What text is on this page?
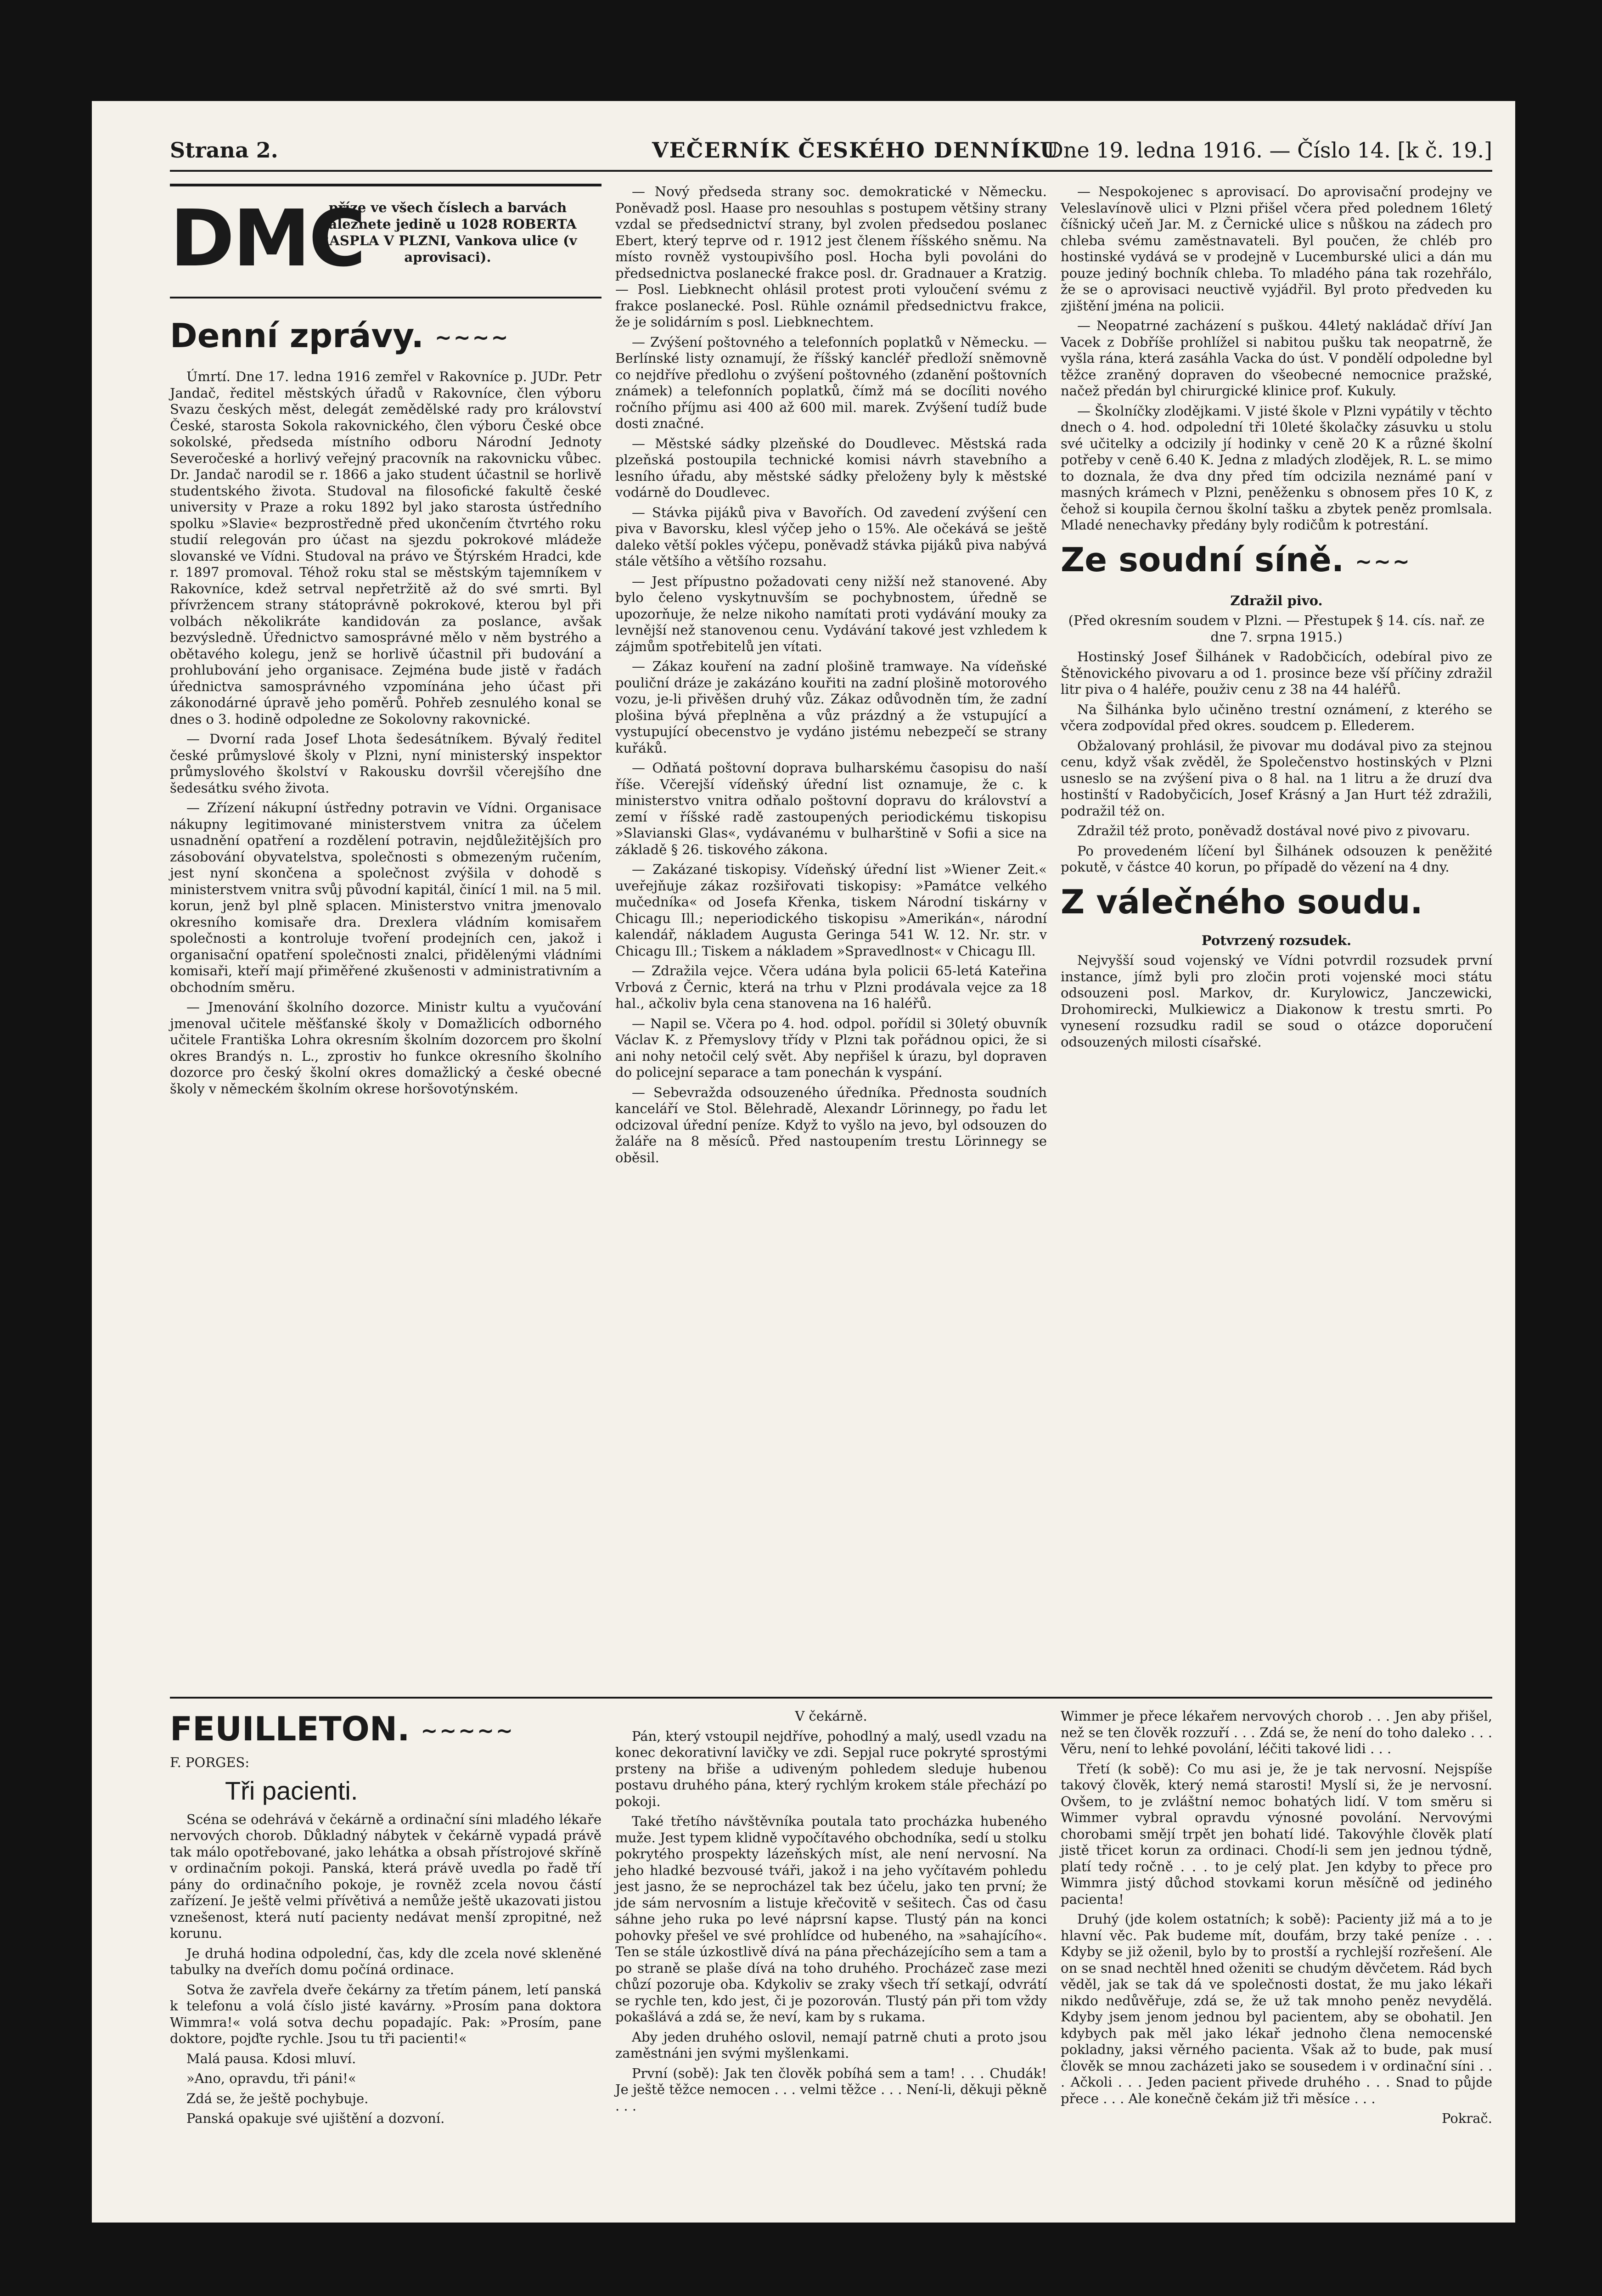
Strana 2.	VEČERNÍK ČESKÉHO DENNÍKU
Dne 19. ledna 1916. — Číslo 14. [k č. 19.]
DMC
příze ve všech číslech a barvách naleznete jedině u 1028 ROBERTA RASPLA V PLZNI, Vankova ulice (v aprovisaci).
Denní zprávy. ~~~~

Úmrtí. Dne 17. ledna 1916 zemřel v Rakovníce p. JUDr. Petr Jandač, ředitel městských úřadů v Rakovníce, člen výboru Svazu českých měst, delegát zemědělské rady pro království České, starosta Sokola rakovnického, člen výboru České obce sokolské, předseda místního odboru Národní Jednoty Severočeské a horlivý veřejný pracovník na rakovnicku vůbec. Dr. Jandač narodil se r. 1866 a jako student účastnil se horlivě studentského života. Studoval na filosofické fakultě české university v Praze a roku 1892 byl jako starosta ústředního spolku »Slavie« bezprostředně před ukončením čtvrtého roku studií relegován pro účast na sjezdu pokrokové mládeže slovanské ve Vídni. Studoval na právo ve Štýrském Hradci, kde r. 1897 promoval. Téhož roku stal se městským tajemníkem v Rakovníce, kdež setrval nepřetržitě až do své smrti. Byl přívržencem strany státoprávně pokrokové, kterou byl při volbách několikráte kandidován za poslance, avšak bezvýsledně. Úřednictvo samosprávné mělo v něm bystrého a obětavého kolegu, jenž se horlivě účastnil při budování a prohlubování jeho organisace. Zejména bude jistě v řadách úřednictva samosprávného vzpomínána jeho účast při zákonodárné úpravě jeho poměrů. Pohřeb zesnulého konal se dnes o 3. hodině odpoledne ze Sokolovny rakovnické.

— Dvorní rada Josef Lhota šedesátníkem. Bývalý ředitel české průmyslové školy v Plzni, nyní ministerský inspektor průmyslového školství v Rakousku dovršil včerejšího dne šedesátku svého života.

— Zřízení nákupní ústředny potravin ve Vídni. Organisace nákupny legitimované ministerstvem vnitra za účelem usnadnění opatření a rozdělení potravin, nejdůležitějších pro zásobování obyvatelstva, společnosti s obmezeným ručením, jest nyní skončena a společnost zvýšila v dohodě s ministerstvem vnitra svůj původní kapitál, činící 1 mil. na 5 mil. korun, jenž byl plně splacen. Ministerstvo vnitra jmenovalo okresního komisaře dra. Drexlera vládním komisařem společnosti a kontroluje tvoření prodejních cen, jakož i organisační opatření společnosti znalci, přidělenými vládními komisaři, kteří mají přiměřené zkušenosti v administrativním a obchodním směru.

— Jmenování školního dozorce. Ministr kultu a vyučování jmenoval učitele měšťanské školy v Domažlicích odborného učitele Františka Lohra okresním školním dozorcem pro školní okres Brandýs n. L., zprostiv ho funkce okresního školního dozorce pro český školní okres domažlický a české obecné školy v německém školním okrese horšovotýnském.

— Nový předseda strany soc. demokratické v Německu. Poněvadž posl. Haase pro nesouhlas s postupem většiny strany vzdal se předsednictví strany, byl zvolen předsedou poslanec Ebert, který teprve od r. 1912 jest členem říšského sněmu. Na místo rovněž vystoupivšího posl. Hocha byli povoláni do předsednictva poslanecké frakce posl. dr. Gradnauer a Kratzig. — Posl. Liebknecht ohlásil protest proti vyloučení svému z frakce poslanecké. Posl. Rühle oznámil předsednictvu frakce, že je solidárním s posl. Liebknechtem.

— Zvýšení poštovného a telefonních poplatků v Německu. — Berlínské listy oznamují, že říšský kancléř předloží sněmovně co nejdříve předlohu o zvýšení poštovného (zdanění poštovních známek) a telefonních poplatků, čímž má se docíliti nového ročního příjmu asi 400 až 600 mil. marek. Zvýšení tudíž bude dosti značné.

— Městské sádky plzeňské do Doudlevec. Městská rada plzeňská postoupila technické komisi návrh stavebního a lesního úřadu, aby městské sádky přeloženy byly k městské vodárně do Doudlevec.

— Stávka pijáků piva v Bavořích. Od zavedení zvýšení cen piva v Bavorsku, klesl výčep jeho o 15%. Ale očekává se ještě daleko větší pokles výčepu, poněvadž stávka pijáků piva nabývá stále většího a většího rozsahu.

— Jest přípustno požadovati ceny nižší než stanovené. Aby bylo čeleno vyskytnuvším se pochybnostem, úředně se upozorňuje, že nelze nikoho namítati proti vydávání mouky za levnější než stanovenou cenu. Vydávání takové jest vzhledem k zájmům spotřebitelů jen vítati.

— Zákaz kouření na zadní plošině tramwaye. Na vídeňské pouliční dráze je zakázáno kouřiti na zadní plošině motorového vozu, je-li přivěšen druhý vůz. Zákaz odůvodněn tím, že zadní plošina bývá přeplněna a vůz prázdný a že vstupující a vystupující obecenstvo je vydáno jistému nebezpečí se strany kuřáků.

— Odňatá poštovní doprava bulharskému časopisu do naší říše. Včerejší vídeňský úřední list oznamuje, že c. k ministerstvo vnitra odňalo poštovní dopravu do království a zemí v říšské radě zastoupených periodickému tiskopisu »Slavianski Glas«, vydávanému v bulharštině v Sofii a sice na základě § 26. tiskového zákona.

— Zakázané tiskopisy. Vídeňský úřední list »Wiener Zeit.« uveřejňuje zákaz rozšiřovati tiskopisy: »Památce velkého mučedníka« od Josefa Křenka, tiskem Národní tiskárny v Chicagu Ill.; neperiodického tiskopisu »Amerikán«, národní kalendář, nákladem Augusta Geringa 541 W. 12. Nr. str. v Chicagu Ill.; Tiskem a nákladem »Spravedlnost« v Chicagu Ill.

— Zdražila vejce. Včera udána byla policii 65-letá Kateřina Vrbová z Černic, která na trhu v Plzni prodávala vejce za 18 hal., ačkoliv byla cena stanovena na 16 haléřů.

— Napil se. Včera po 4. hod. odpol. pořídil si 30letý obuvník Václav K. z Přemyslovy třídy v Plzni tak pořádnou opici, že si ani nohy netočil celý svět. Aby nepřišel k úrazu, byl dopraven do policejní separace a tam ponechán k vyspání.

— Sebevražda odsouzeného úředníka. Přednosta soudních kanceláří ve Stol. Bělehradě, Alexandr Lörinnegy, po řadu let odcizoval úřední peníze. Když to vyšlo na jevo, byl odsouzen do žaláře na 8 měsíců. Před nastoupením trestu Lörinnegy se oběsil.

— Nespokojenec s aprovisací. Do aprovisační prodejny ve Veleslavínově ulici v Plzni přišel včera před polednem 16letý číšnický učeň Jar. M. z Černické ulice s nůškou na zádech pro chleba svému zaměstnavateli. Byl poučen, že chléb pro hostinské vydává se v prodejně v Lucemburské ulici a dán mu pouze jediný bochník chleba. To mladého pána tak rozehřálo, že se o aprovisaci neuctivě vyjádřil. Byl proto předveden ku zjištění jména na policii.

— Neopatrné zacházení s puškou. 44letý nakládač dříví Jan Vacek z Dobříše prohlížel si nabitou pušku tak neopatrně, že vyšla rána, která zasáhla Vacka do úst. V pondělí odpoledne byl těžce zraněný dopraven do všeobecné nemocnice pražské, načež předán byl chirurgické klinice prof. Kukuly.

— Školníčky zlodějkami. V jisté škole v Plzni vypátily v těchto dnech o 4. hod. odpolední tři 10leté školačky zásuvku u stolu své učitelky a odcizily jí hodinky v ceně 20 K a různé školní potřeby v ceně 6.40 K. Jedna z mladých zlodějek, R. L. se mimo to doznala, že dva dny před tím odcizila neznámé paní v masných krámech v Plzni, peněženku s obnosem přes 10 K, z čehož si koupila černou školní tašku a zbytek peněz promlsala. Mladé nenechavky předány byly rodičům k potrestání.

Ze soudní síně. ~~~

Zdražil pivo.

(Před okresním soudem v Plzni. — Přestupek § 14. cís. nař. ze dne 7. srpna 1915.)

Hostinský Josef Šilhánek v Radobčicích, odebíral pivo ze Štěnovického pivovaru a od 1. prosince beze vší příčiny zdražil litr piva o 4 haléře, použiv cenu z 38 na 44 haléřů.

Na Šilhánka bylo učiněno trestní oznámení, z kterého se včera zodpovídal před okres. soudcem p. Ellederem.

Obžalovaný prohlásil, že pivovar mu dodával pivo za stejnou cenu, když však zvěděl, že Společenstvo hostinských v Plzni usneslo se na zvýšení piva o 8 hal. na 1 litru a že druzí dva hostinští v Radobyčicích, Josef Krásný a Jan Hurt též zdražili, podražil též on.

Zdražil též proto, poněvadž dostával nové pivo z pivovaru.

Po provedeném líčení byl Šilhánek odsouzen k peněžité pokutě, v částce 40 korun, po případě do vězení na 4 dny.

Z válečného soudu.

Potvrzený rozsudek.

Nejvyšší soud vojenský ve Vídni potvrdil rozsudek první instance, jímž byli pro zločin proti vojenské moci státu odsouzeni posl. Markov, dr. Kurylowicz, Janczewicki, Drohomirecki, Mulkiewicz a Diakonow k trestu smrti. Po vynesení rozsudku radil se soud o otázce doporučení odsouzených milosti císařské.

FEUILLETON. ~~~~~

F. PORGES:

Tři pacienti.

Scéna se odehrává v čekárně a ordinační síni mladého lékaře nervových chorob. Důkladný nábytek v čekárně vypadá právě tak málo opotřebované, jako lehátka a obsah přístrojové skříně v ordinačním pokoji. Panská, která právě uvedla po řadě tří pány do ordinačního pokoje, je rovněž zcela novou částí zařízení. Je ještě velmi přívětivá a nemůže ještě ukazovati jistou vznešenost, která nutí pacienty nedávat menší zpropitné, než korunu.

Je druhá hodina odpolední, čas, kdy dle zcela nové skleněné tabulky na dveřích domu počíná ordinace.

Sotva že zavřela dveře čekárny za třetím pánem, letí panská k telefonu a volá číslo jisté kavárny. »Prosím pana doktora Wimmra!« volá sotva dechu popadajíc. Pak: »Prosím, pane doktore, pojďte rychle. Jsou tu tři pacienti!«

Malá pausa. Kdosi mluví.

»Ano, opravdu, tři páni!«

Zdá se, že ještě pochybuje.

Panská opakuje své ujištění a dozvoní.

V čekárně.

Pán, který vstoupil nejdříve, pohodlný a malý, usedl vzadu na konec dekorativní lavičky ve zdi. Sepjal ruce pokryté sprostými prsteny na břiše a udiveným pohledem sleduje hubenou postavu druhého pána, který rychlým krokem stále přechází po pokoji.

Také třetího návštěvníka poutala tato procházka hubeného muže. Jest typem klidně vypočítavého obchodníka, sedí u stolku pokrytého prospekty lázeňských míst, ale není nervosní. Na jeho hladké bezvousé tváři, jakož i na jeho vyčítavém pohledu jest jasno, že se neprocházel tak bez účelu, jako ten první; že jde sám nervosním a listuje křečovitě v sešitech. Čas od času sáhne jeho ruka po levé náprsní kapse. Tlustý pán na konci pohovky přešel ve své prohlídce od hubeného, na »sahajícího«. Ten se stále úzkostlivě dívá na pána přecházejícího sem a tam a po straně se plaše dívá na toho druhého. Procházeč zase mezi chůzí pozoruje oba. Kdykoliv se zraky všech tří setkají, odvrátí se rychle ten, kdo jest, či je pozorován. Tlustý pán při tom vždy pokašlává a zdá se, že neví, kam by s rukama.

Aby jeden druhého oslovil, nemají patrně chuti a proto jsou zaměstnáni jen svými myšlenkami.

První (sobě): Jak ten člověk pobíhá sem a tam! . . . Chudák! Je ještě těžce nemocen . . . velmi těžce . . . Není-li, děkuji pěkně . . .

Wimmer je přece lékařem nervových chorob . . . Jen aby přišel, než se ten člověk rozzuří . . . Zdá se, že není do toho daleko . . . Věru, není to lehké povolání, léčiti takové lidi . . .

Třetí (k sobě): Co mu asi je, že je tak nervosní. Nejspíše takový člověk, který nemá starosti! Myslí si, že je nervosní. Ovšem, to je zvláštní nemoc bohatých lidí. V tom směru si Wimmer vybral opravdu výnosné povolání. Nervovými chorobami smějí trpět jen bohatí lidé. Takovýhle člověk platí jistě třicet korun za ordinaci. Chodí-li sem jen jednou týdně, platí tedy ročně . . . to je celý plat. Jen kdyby to přece pro Wimmra jistý důchod stovkami korun měsíčně od jediného pacienta!

Druhý (jde kolem ostatních; k sobě): Pacienty již má a to je hlavní věc. Pak budeme mít, doufám, brzy také peníze . . . Kdyby se již oženil, bylo by to prostší a rychlejší rozřešení. Ale on se snad nechtěl hned oženiti se chudým děvčetem. Rád bych věděl, jak se tak dá ve společnosti dostat, že mu jako lékaři nikdo nedůvěřuje, zdá se, že už tak mnoho peněz nevydělá. Kdyby jsem jenom jednou byl pacientem, aby se obohatil. Jen kdybych pak měl jako lékař jednoho člena nemocenské pokladny, jaksi věrného pacienta. Však až to bude, pak musí člověk se mnou zacházeti jako se sousedem i v ordinační síni . . . Ačkoli . . . Jeden pacient přivede druhého . . . Snad to půjde přece . . . Ale konečně čekám již tři měsíce . . .

Pokrač.
